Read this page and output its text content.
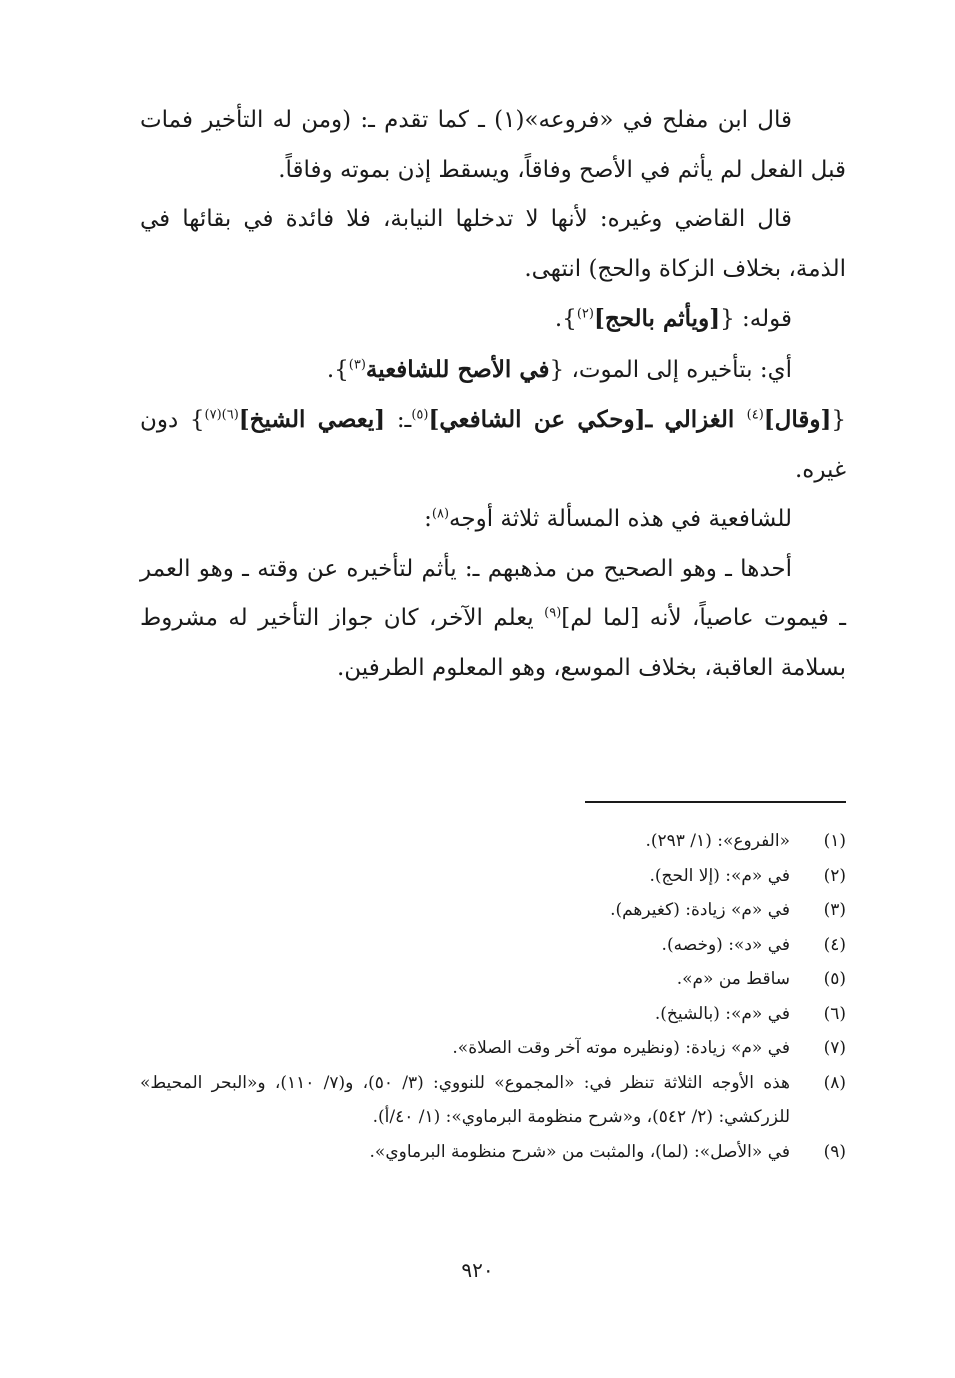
قال ابن مفلح في «فروعه»(١) ـ كما تقدم ـ: (ومن له التأخير فمات قبل الفعل لم يأثم في الأصح وفاقاً، ويسقط إذن بموته وفاقاً.

قال القاضي وغيره: لأنها لا تدخلها النيابة، فلا فائدة في بقائها في الذمة، بخلاف الزكاة والحج) انتهى.

قوله: {[ويأثم بالحج]$^{(٢)}$}.

أي: بتأخيره إلى الموت، {في الأصح للشافعية$^{(٣)}$}.

{[وقال]$^{(٤)}$ الغزالي ـ[وحكي عن الشافعي]$^{(٥)}$ـ: [يعصي الشيخ]$^{(٦)(٧)}$} دون غيره.

للشافعية في هذه المسألة ثلاثة أوجه$^{(٨)}$:

أحدها ـ وهو الصحيح من مذهبهم ـ: يأثم لتأخيره عن وقته ـ وهو العمر ـ فيموت عاصياً، لأنه [لما لم]$^{(٩)}$ يعلم الآخر، كان جواز التأخير له مشروط بسلامة العاقبة، بخلاف الموسع، وهو المعلوم الطرفين.

(١)
«الفروع»: (١/ ٢٩٣).
(٢)
في «م»: (إلا الحج).
(٣)
في «م» زيادة: (كغيرهم).
(٤)
في «د»: (وخصه).
(٥)
ساقط من «م».
(٦)
في «م»: (بالشيخ).
(٧)
في «م» زيادة: (ونظيره موته آخر وقت الصلاة».
(٨)
هذه الأوجه الثلاثة تنظر في: «المجموع» للنووي: (٣/ ٥٠)، و(٧/ ١١٠)، و«البحر المحيط» للزركشي: (٢/ ٥٤٢)، و«شرح منظومة البرماوي»: (١/ ٤٠/أ).
(٩)
في «الأصل»: (لما)، والمثبت من «شرح منظومة البرماوي».
٩٢٠
